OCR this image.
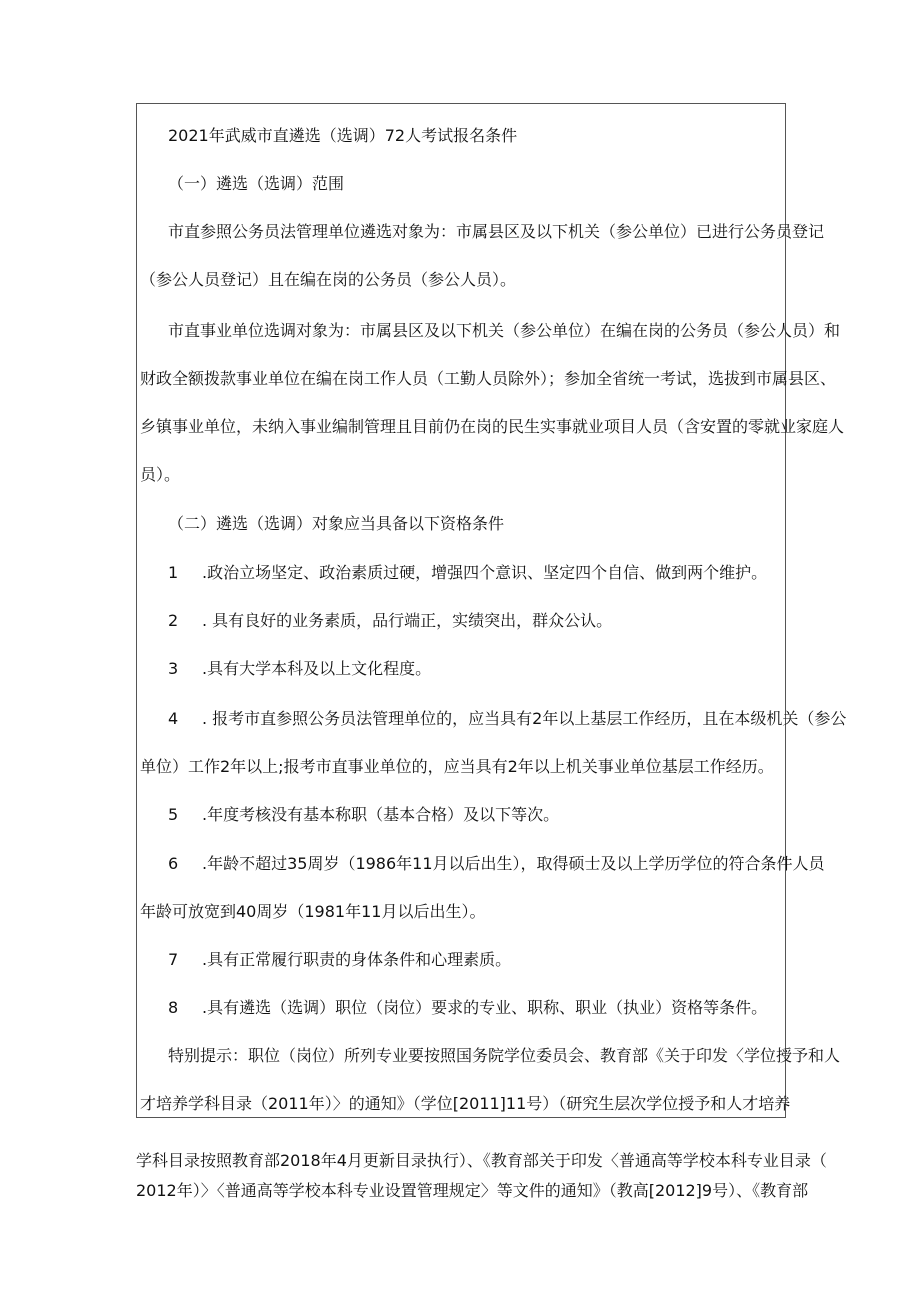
2021年武威市直遴选（选调）72人考试报名条件
（一）遴选（选调）范围
市直参照公务员法管理单位遴选对象为：市属县区及以下机关（参公单位）已进行公务员登记
（参公人员登记）且在编在岗的公务员（参公人员）。
市直事业单位选调对象为：市属县区及以下机关（参公单位）在编在岗的公务员（参公人员）和
财政全额拨款事业单位在编在岗工作人员（工勤人员除外）；参加全省统一考试，选拔到市属县区、
乡镇事业单位，未纳入事业编制管理且目前仍在岗的民生实事就业项目人员（含安置的零就业家庭人
员）。
（二）遴选（选调）对象应当具备以下资格条件
1 .政治立场坚定、政治素质过硬，增强四个意识、坚定四个自信、做到两个维护。
2 . 具有良好的业务素质，品行端正，实绩突出，群众公认。
3 .具有大学本科及以上文化程度。
4 . 报考市直参照公务员法管理单位的，应当具有2年以上基层工作经历，且在本级机关（参公
单位）工作2年以上;报考市直事业单位的，应当具有2年以上机关事业单位基层工作经历。
5 .年度考核没有基本称职（基本合格）及以下等次。
6 .年龄不超过35周岁（1986年11月以后出生），取得硕士及以上学历学位的符合条件人员
年龄可放宽到40周岁（1981年11月以后出生）。
7 .具有正常履行职责的身体条件和心理素质。
8 .具有遴选（选调）职位（岗位）要求的专业、职称、职业（执业）资格等条件。
特别提示：职位（岗位）所列专业要按照国务院学位委员会、教育部《关于印发〈学位授予和人
才培养学科目录（2011年）〉的通知》（学位[2011]11号）（研究生层次学位授予和人才培养
学科目录按照教育部2018年4月更新目录执行）、《教育部关于印发〈普通高等学校本科专业目录（
2012年）〉〈普通高等学校本科专业设置管理规定〉等文件的通知》（教高[2012]9号）、《教育部
